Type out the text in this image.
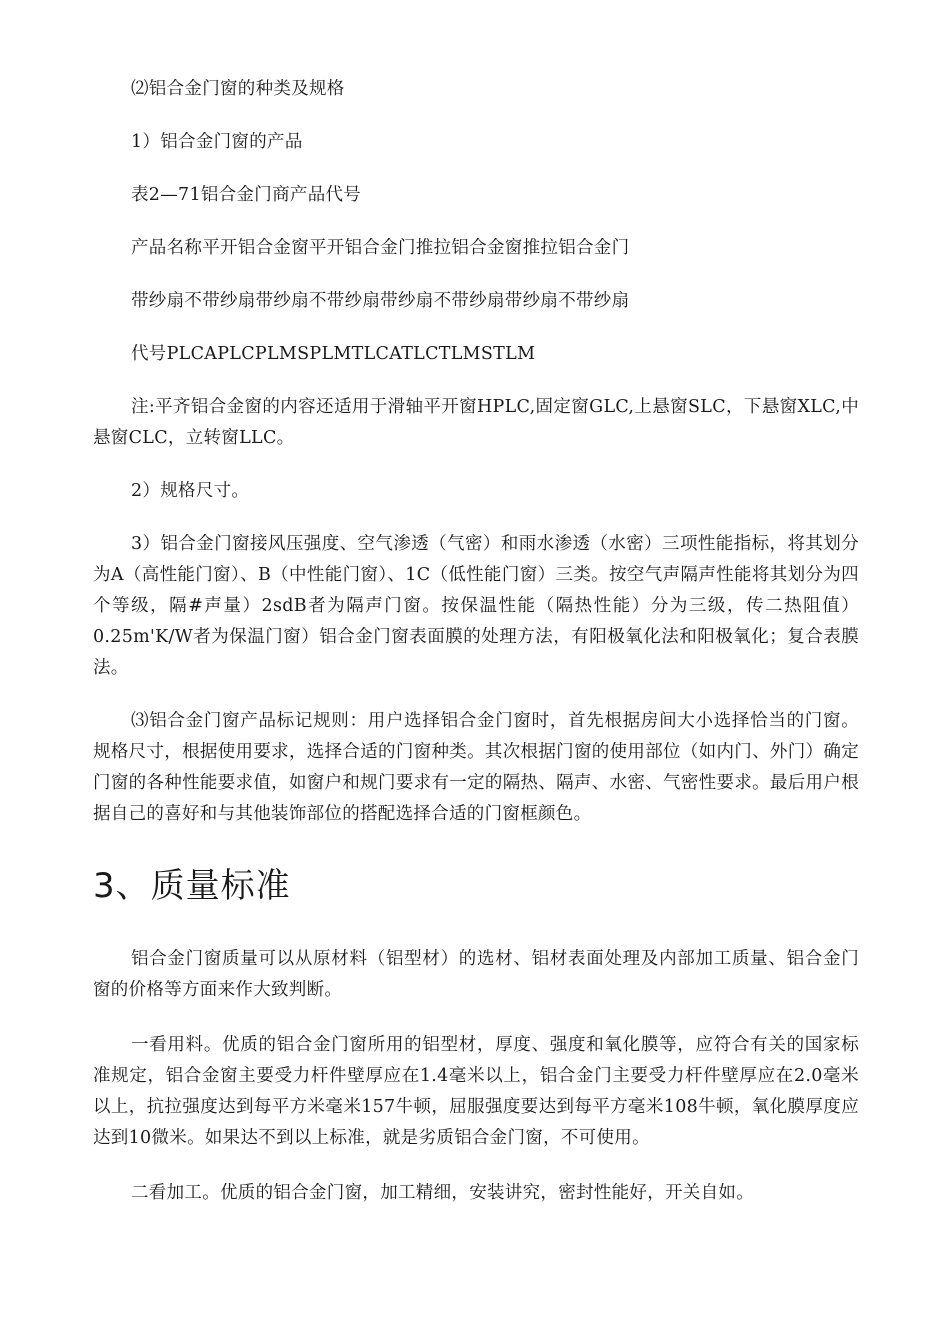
⑵铝合金门窗的种类及规格

1）铝合金门窗的产品

表2—71铝合金门商产品代号

产品名称平开铝合金窗平开铝合金门推拉铝合金窗推拉铝合金门

带纱扇不带纱扇带纱扇不带纱扇带纱扇不带纱扇带纱扇不带纱扇

代号PLCAPLCPLMSPLMTLCATLCTLMSTLM

注:平齐铝合金窗的内容还适用于滑轴平开窗HPLC,固定窗GLC,上悬窗SLC，下悬窗XLC,中悬窗CLC，立转窗LLC。

2）规格尺寸。

3）铝合金门窗接风压强度、空气渗透（气密）和雨水渗透（水密）三项性能指标，将其划分为A（高性能门窗）、B（中性能门窗）、1C（低性能门窗）三类。按空气声隔声性能将其划分为四个等级，隔#声量）2sdB者为隔声门窗。按保温性能（隔热性能）分为三级，传二热阻值）0.25m'K/W者为保温门窗）铝合金门窗表面膜的处理方法，有阳极氧化法和阳极氧化；复合表膜法。

⑶铝合金门窗产品标记规则：用户选择铝合金门窗时，首先根据房间大小选择恰当的门窗。规格尺寸，根据使用要求，选择合适的门窗种类。其次根据门窗的使用部位（如内门、外门）确定门窗的各种性能要求值，如窗户和规门要求有一定的隔热、隔声、水密、气密性要求。最后用户根据自己的喜好和与其他装饰部位的搭配选择合适的门窗框颜色。

3、质量标准

铝合金门窗质量可以从原材料（铝型材）的选材、铝材表面处理及内部加工质量、铝合金门窗的价格等方面来作大致判断。

一看用料。优质的铝合金门窗所用的铝型材，厚度、强度和氧化膜等，应符合有关的国家标准规定，铝合金窗主要受力杆件壁厚应在1.4毫米以上，铝合金门主要受力杆件壁厚应在2.0毫米以上，抗拉强度达到每平方米毫米157牛顿，屈服强度要达到每平方毫米108牛顿，氧化膜厚度应达到10微米。如果达不到以上标准，就是劣质铝合金门窗，不可使用。

二看加工。优质的铝合金门窗，加工精细，安装讲究，密封性能好，开关自如。
